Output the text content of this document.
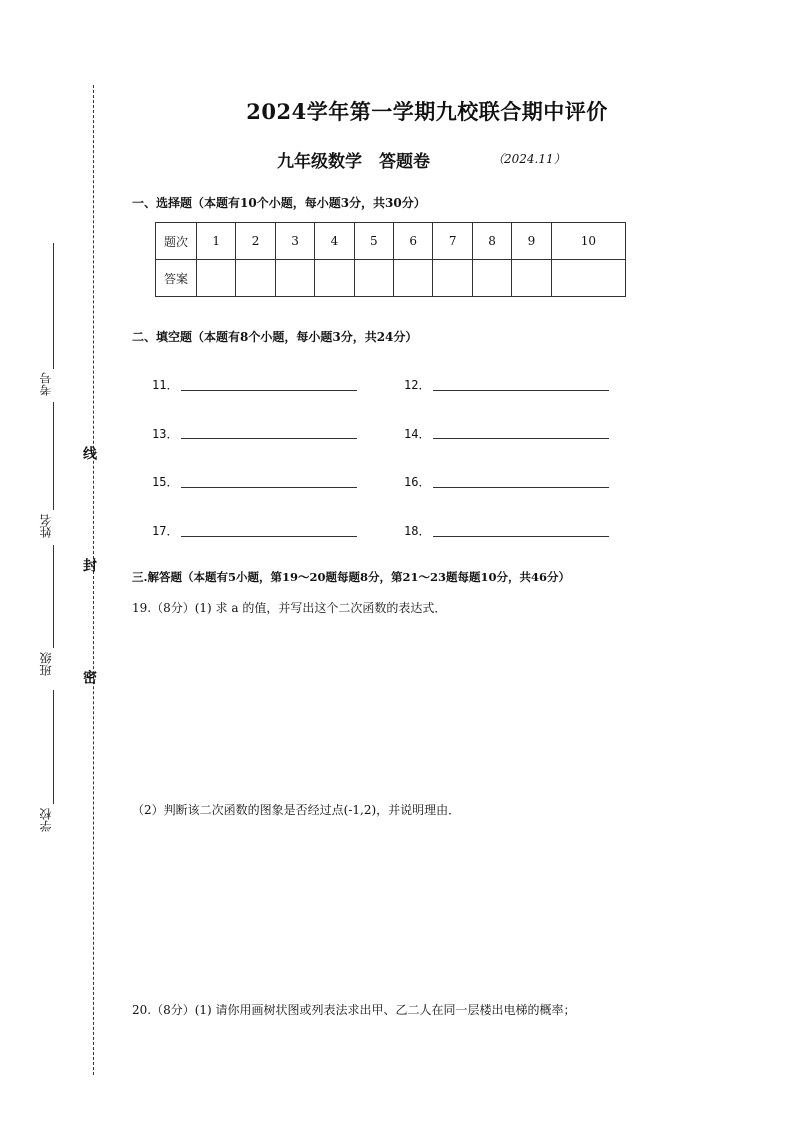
线
封
密
考号
姓名
班级
学校
2024学年第一学期九校联合期中评价
九年级数学　答题卷	（2024.11）
一、选择题（本题有10个小题，每小题3分，共30分）
题次	1	2	3	4	5	6	7	8	9	10
答案										
二、填空题（本题有8个小题，每小题3分，共24分）
11．	12．
13．	14．
15．	16．
17．	18．
三.解答题（本题有5小题，第19～20题每题8分，第21～23题每题10分，共46分）
19.（8分）(1) 求 a 的值，并写出这个二次函数的表达式．
（2）判断该二次函数的图象是否经过点(-1,2)，并说明理由．
20.（8分）(1) 请你用画树状图或列表法求出甲、乙二人在同一层楼出电梯的概率；
